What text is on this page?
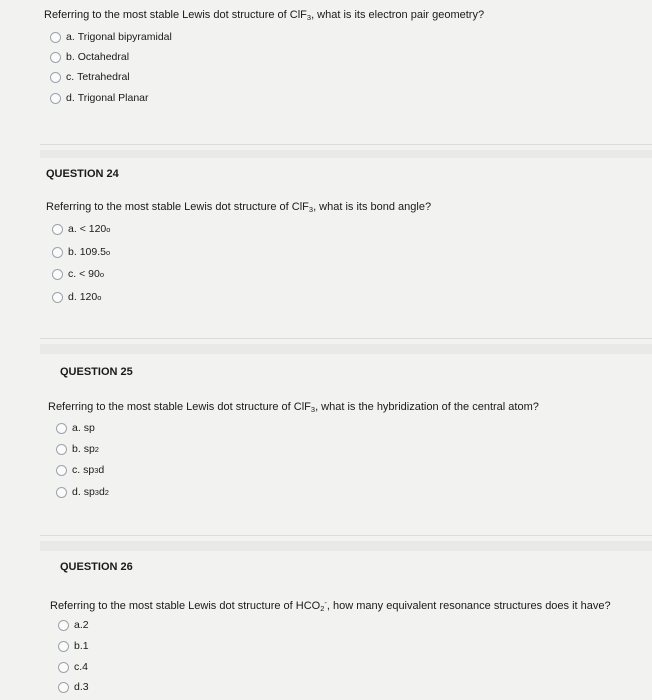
Referring to the most stable Lewis dot structure of ClF$_3$, what is its electron pair geometry?
a.
Trigonal bipyramidal
b.
Octahedral
c.
Tetrahedral
d.
Trigonal Planar
QUESTION 24
Referring to the most stable Lewis dot structure of ClF$_3$, what is its bond angle?
a.
< 120 o
b.
109.5 o
c.
< 90 o
d.
120 o
QUESTION 25
Referring to the most stable Lewis dot structure of ClF$_3$, what is the hybridization of the central atom?
a.
sp
b.
sp 2
c.
sp 3 d
d.
sp 3 d 2
QUESTION 26
Referring to the most stable Lewis dot structure of $HCO_2^-$, how many equivalent resonance structures does it have?
a. 2
b. 1
c. 4
d. 3
